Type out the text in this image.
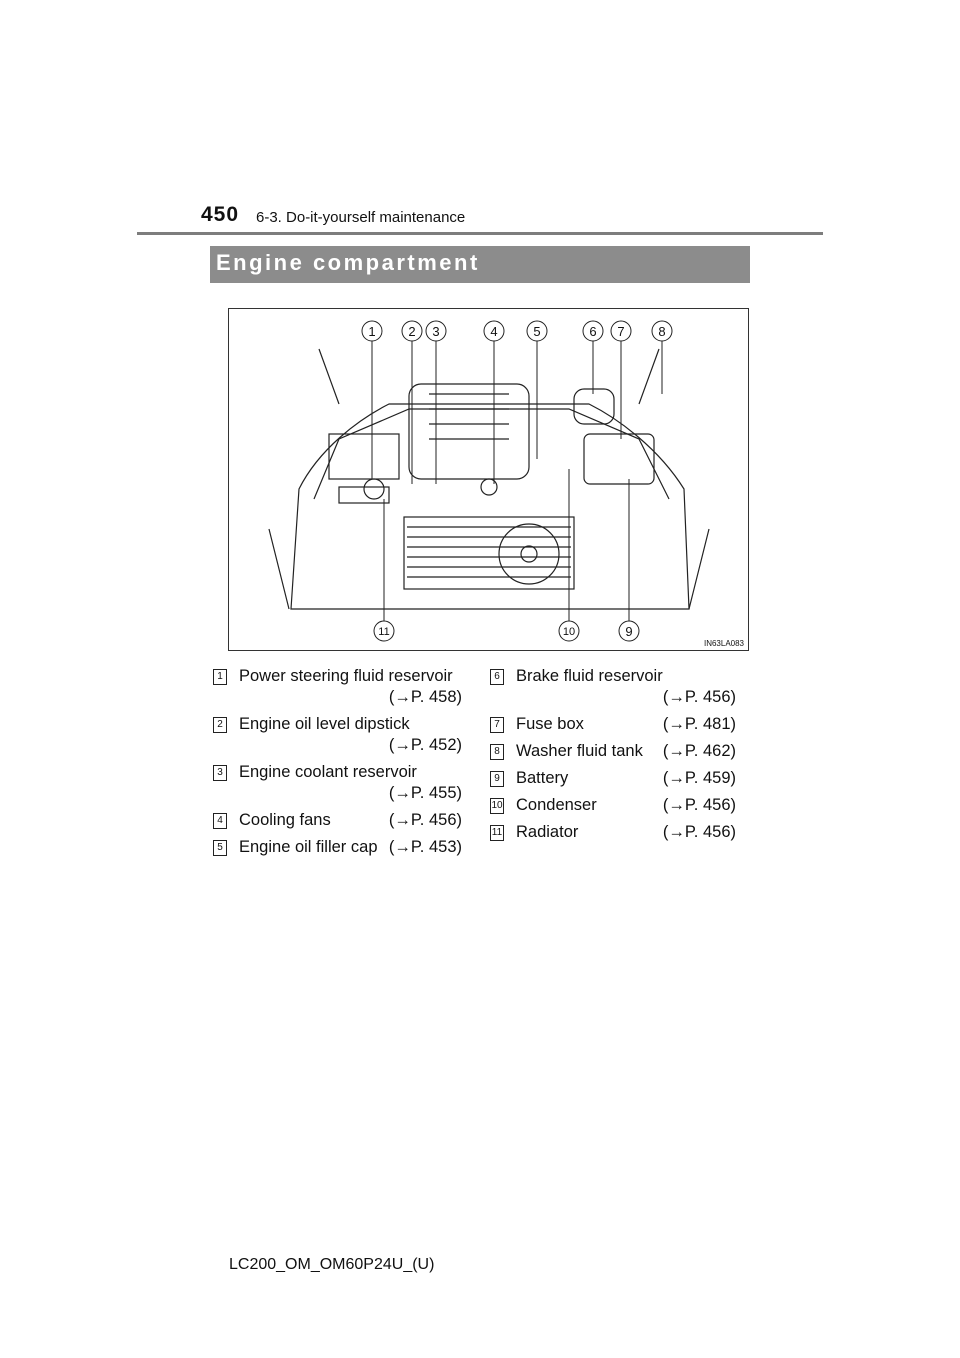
450 6-3. Do-it-yourself maintenance
Engine compartment
1	2 3	4	5	6 7	8
9
10
11
IN63LA083
1 Power steering fluid reservoir
(→P. 458)
2 Engine oil level dipstick
(→P. 452)
3 Engine coolant reservoir
(→P. 455)
4 Cooling fans	(→P. 456)
5 Engine oil filler cap (→P. 453)
6 Brake fluid reservoir
(→P. 456)
7 Fuse box	(→P. 481)
8 Washer fluid tank (→P. 462)
9 Battery	(→P. 459)
10 Condenser	(→P. 456)
11 Radiator	(→P. 456)
LC200_OM_OM60P24U_(U)
